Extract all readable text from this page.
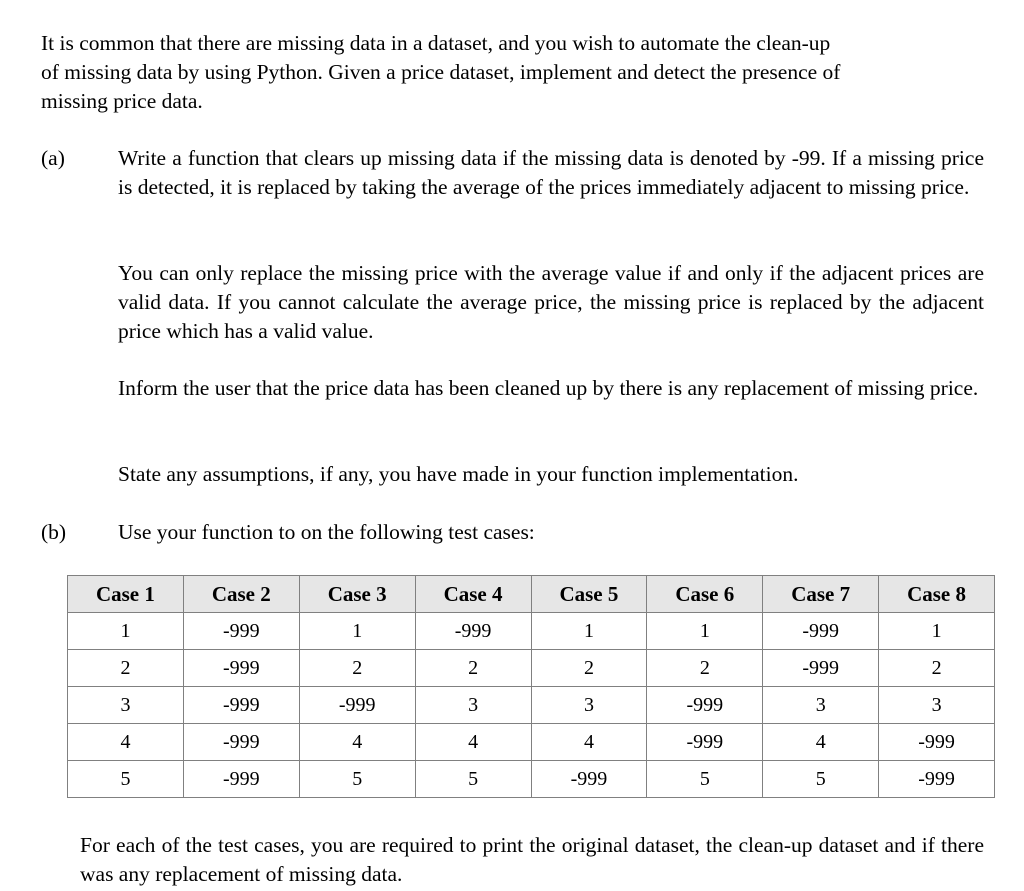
It is common that there are missing data in a dataset, and you wish to automate the clean-up
of missing data by using Python. Given a price dataset, implement and detect the presence of
missing price data.
(a) Write a function that clears up missing data if the missing data is denoted by -99. If a missing price is detected, it is replaced by taking the average of the prices immediately adjacent to missing price.

You can only replace the missing price with the average value if and only if the adjacent prices are valid data. If you cannot calculate the average price, the missing price is replaced by the adjacent price which has a valid value.

Inform the user that the price data has been cleaned up by there is any replacement of missing price.

State any assumptions, if any, you have made in your function implementation.

(b) Use your function to on the following test cases:

Case 1	Case 2	Case 3	Case 4	Case 5	Case 6	Case 7	Case 8
1	-999	1	-999	1	1	-999	1
2	-999	2	2	2	2	-999	2
3	-999	-999	3	3	-999	3	3
4	-999	4	4	4	-999	4	-999
5	-999	5	5	-999	5	5	-999

For each of the test cases, you are required to print the original dataset, the clean-up dataset and if there was any replacement of missing data.
